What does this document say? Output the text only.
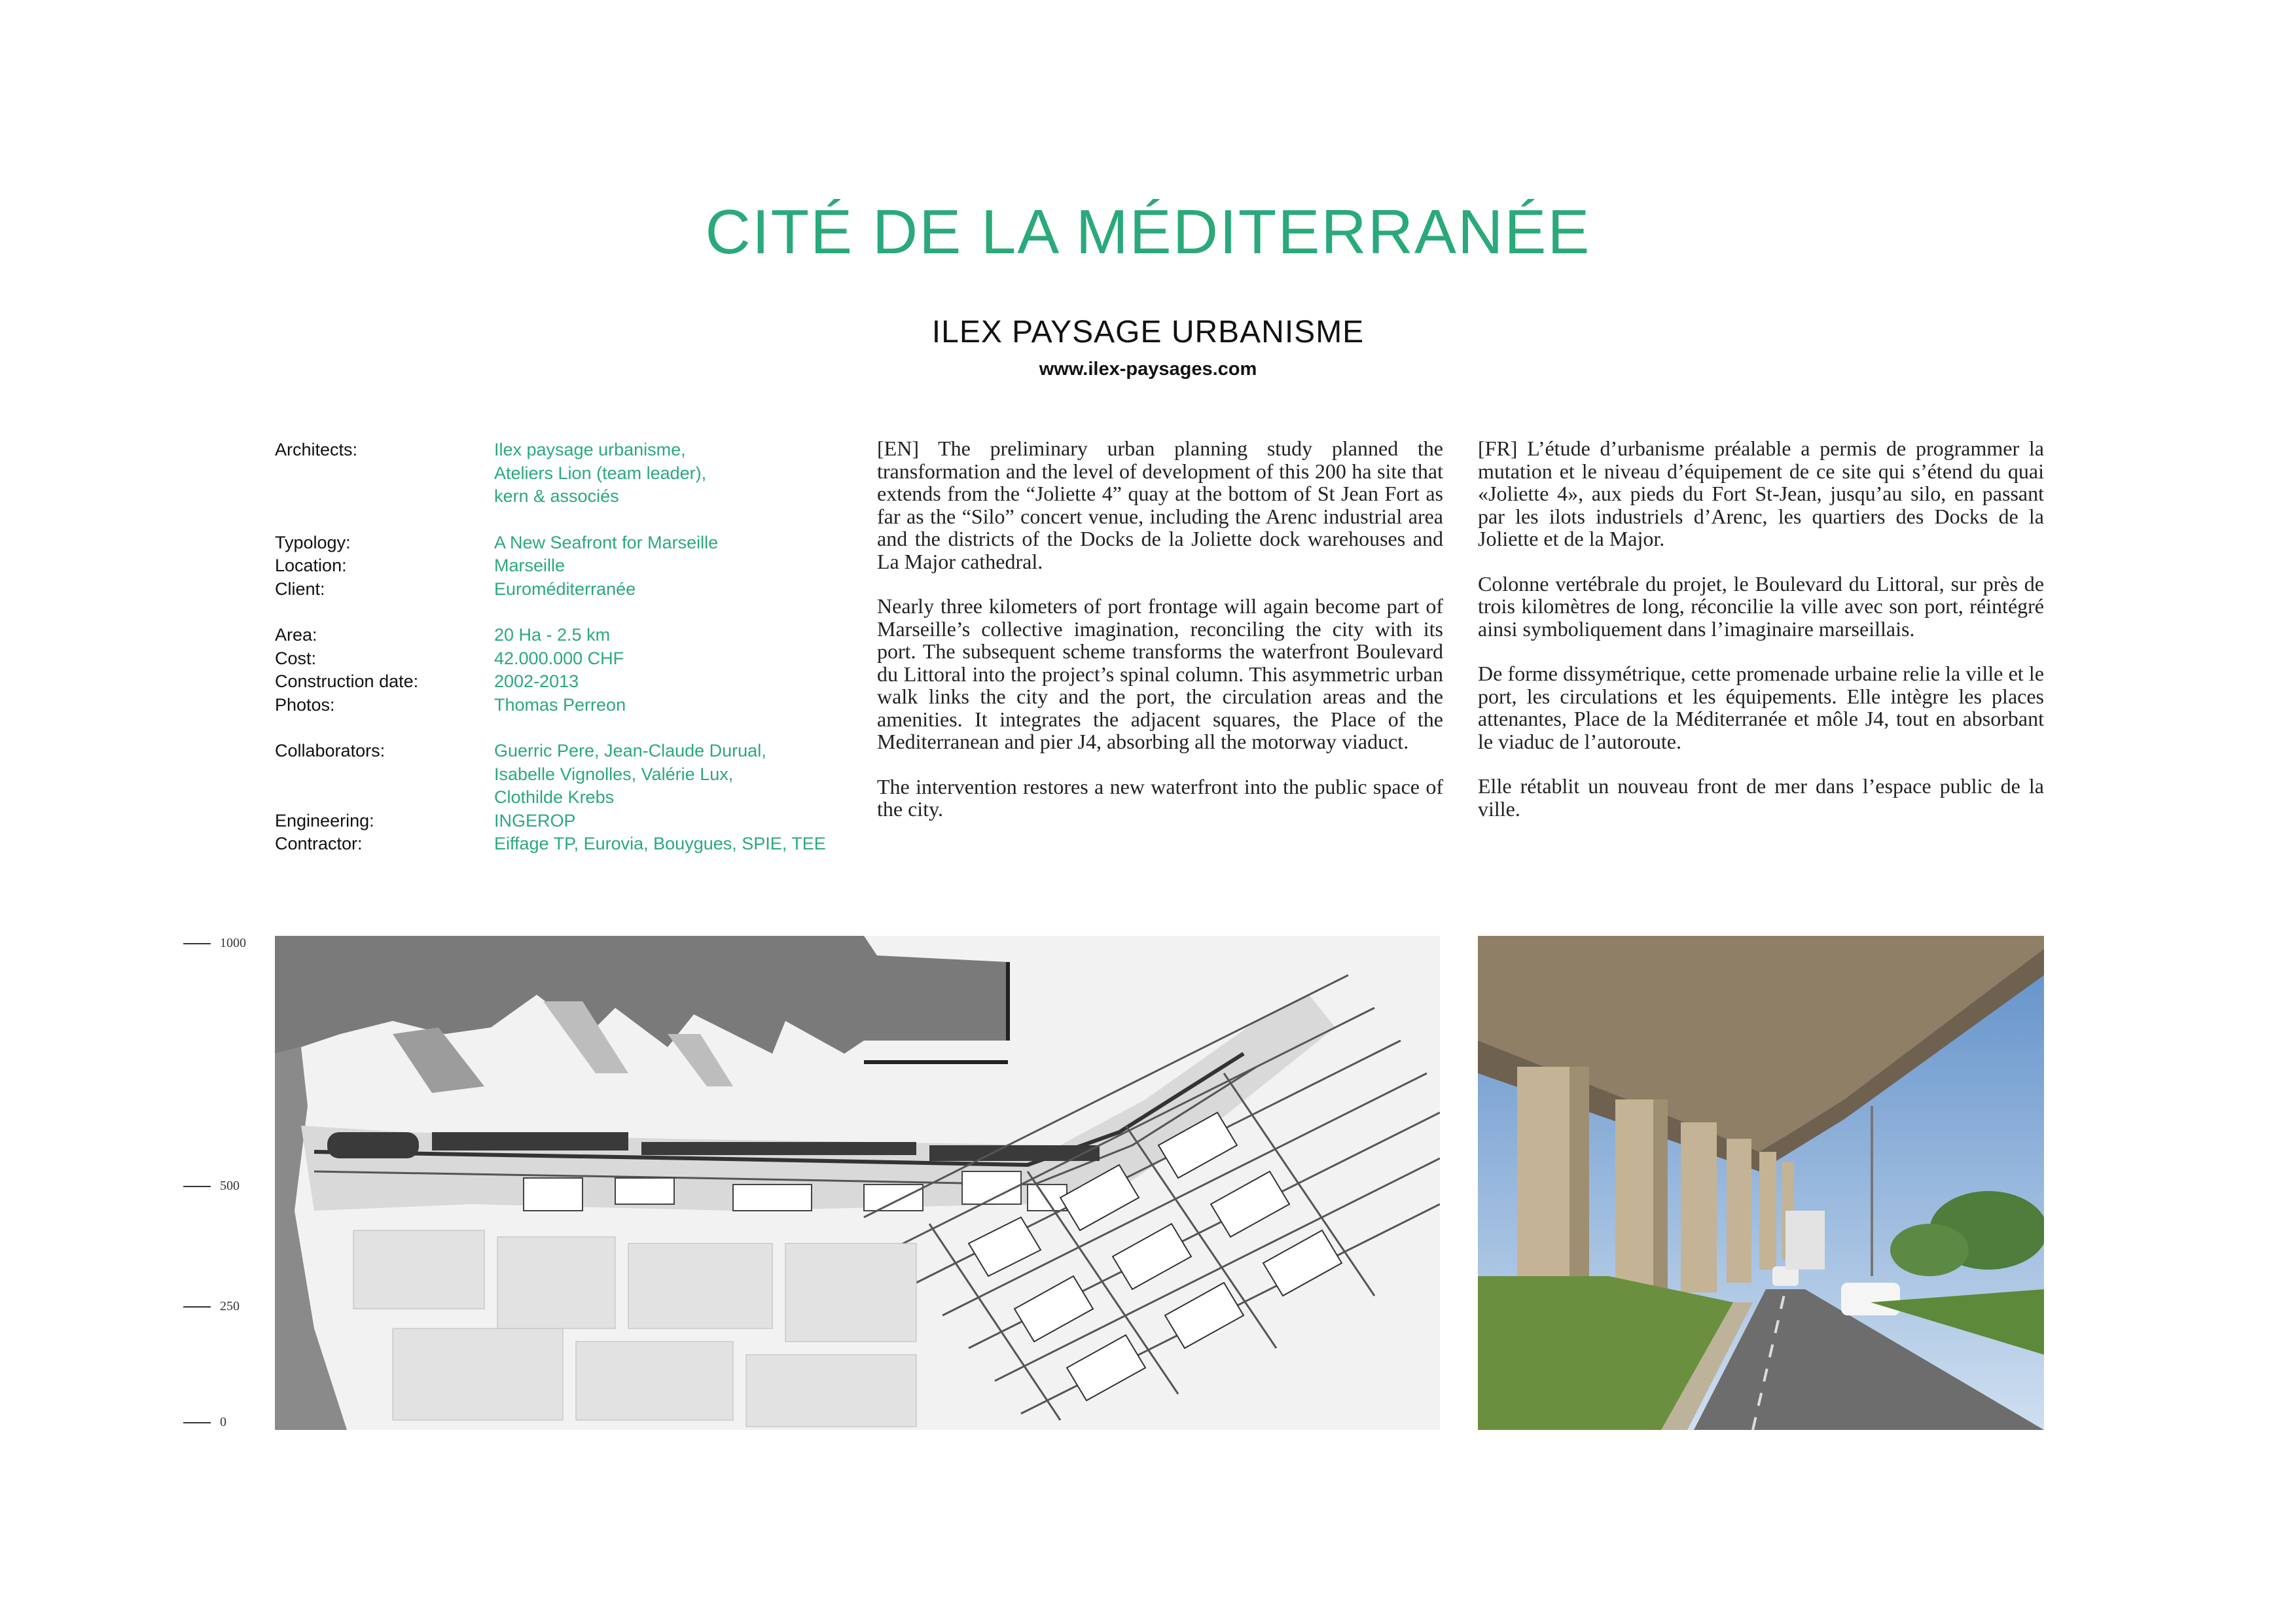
CITÉ DE LA MÉDITERRANÉE
ILEX PAYSAGE URBANISME
www.ilex-paysages.com
Architects:	Ilex paysage urbanisme,
Ateliers Lion (team leader),
kern & associés
Typology:	A New Seafront for Marseille
Location:	Marseille
Client:	Euroméditerranée
Area:	20 Ha - 2.5 km
Cost:	42.000.000 CHF
Construction date:	2002-2013
Photos:	Thomas Perreon
Collaborators:	Guerric Pere, Jean-Claude Durual,
Isabelle Vignolles, Valérie Lux,
Clothilde Krebs
Engineering:	INGEROP
Contractor:	Eiffage TP, Eurovia, Bouygues, SPIE, TEE

[EN] The preliminary urban planning study planned the transformation and the level of development of this 200 ha site that extends from the “Joliette 4” quay at the bottom of St Jean Fort as far as the “Silo” concert venue, including the Arenc industrial area and the districts of the Docks de la Joliette dock warehouses and La Major cathedral.

Nearly three kilometers of port frontage will again become part of Marseille’s collective imagination, reconciling the city with its port. The subsequent scheme transforms the waterfront Boulevard du Littoral into the project’s spinal column. This asymmetric urban walk links the city and the port, the circulation areas and the amenities. It integrates the adjacent squares, the Place of the Mediterranean and pier J4, absorbing all the motorway viaduct.

The intervention restores a new waterfront into the public space of the city.

[FR] L’étude d’urbanisme préalable a permis de programmer la mutation et le niveau d’équipement de ce site qui s’étend du quai «Joliette 4», aux pieds du Fort St-Jean, jusqu’au silo, en passant par les ilots industriels d’Arenc, les quartiers des Docks de la Joliette et de la Major.

Colonne vertébrale du projet, le Boulevard du Littoral, sur près de trois kilomètres de long, réconcilie la ville avec son port, réintégré ainsi symboliquement dans l’imaginaire marseillais.

De forme dissymétrique, cette promenade urbaine relie la ville et le port, les circulations et les équipements. Elle intègre les places attenantes, Place de la Méditerranée et môle J4, tout en absorbant le viaduc de l’autoroute.

Elle rétablit un nouveau front de mer dans l’espace public de la ville.

1000
500
250
0
